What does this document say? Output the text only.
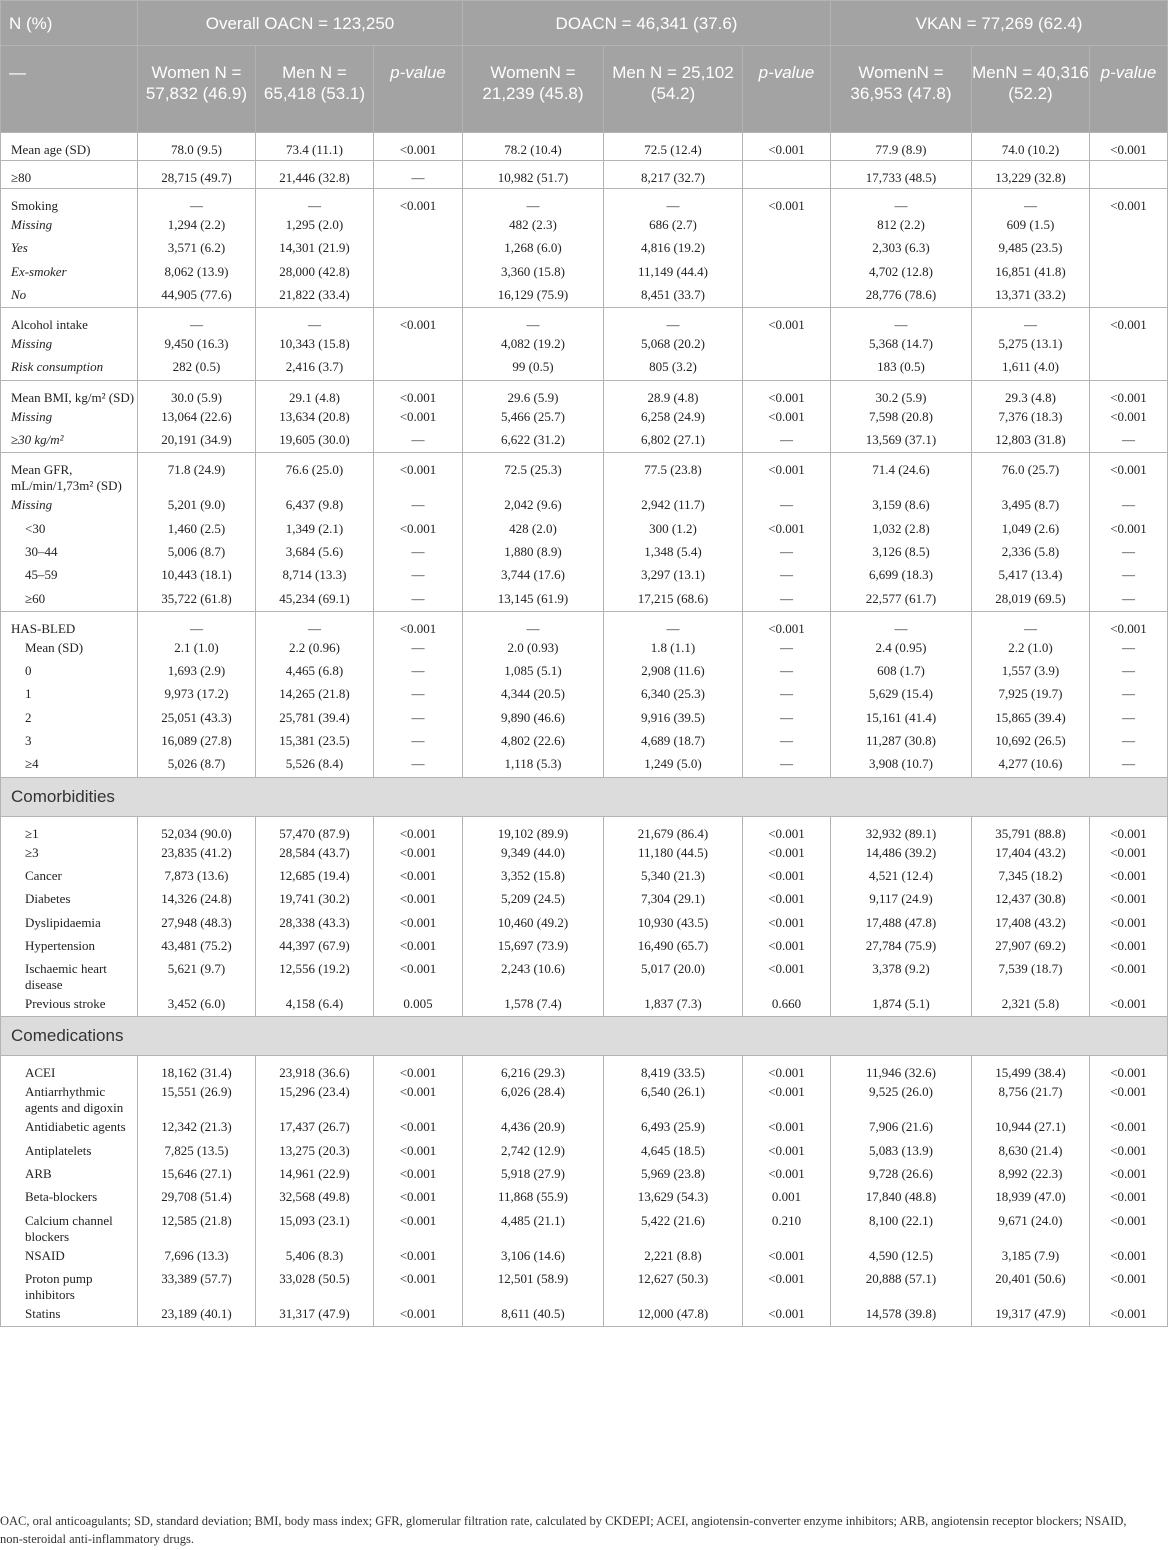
N (%)	Overall OACN = 123,250			DOACN = 46,341 (37.6)			VKAN = 77,269 (62.4)		
—	Women N = 57,832 (46.9)	Men N = 65,418 (53.1)	p-value	WomenN = 21,239 (45.8)	Men N = 25,102 (54.2)	p-value	WomenN = 36,953 (47.8)	MenN = 40,316 (52.2)	p-value

Mean age (SD)	78.0 (9.5)	73.4 (11.1)	<0.001	78.2 (10.4)	72.5 (12.4)	<0.001	77.9 (8.9)	74.0 (10.2)	<0.001

≥80	28,715 (49.7)	21,446 (32.8)	—	10,982 (51.7)	8,217 (32.7)		17,733 (48.5)	13,229 (32.8)	

Smoking	—	—	<0.001	—	—	<0.001	—	—	<0.001

Missing	1,294 (2.2)	1,295 (2.0)		482 (2.3)	686 (2.7)		812 (2.2)	609 (1.5)	

Yes	3,571 (6.2)	14,301 (21.9)		1,268 (6.0)	4,816 (19.2)		2,303 (6.3)	9,485 (23.5)	

Ex-smoker	8,062 (13.9)	28,000 (42.8)		3,360 (15.8)	11,149 (44.4)		4,702 (12.8)	16,851 (41.8)	

No	44,905 (77.6)	21,822 (33.4)		16,129 (75.9)	8,451 (33.7)		28,776 (78.6)	13,371 (33.2)	

Alcohol intake	—	—	<0.001	—	—	<0.001	—	—	<0.001

Missing	9,450 (16.3)	10,343 (15.8)		4,082 (19.2)	5,068 (20.2)		5,368 (14.7)	5,275 (13.1)	

Risk consumption	282 (0.5)	2,416 (3.7)		99 (0.5)	805 (3.2)		183 (0.5)	1,611 (4.0)	

Mean BMI, kg/m² (SD)	30.0 (5.9)	29.1 (4.8)	<0.001	29.6 (5.9)	28.9 (4.8)	<0.001	30.2 (5.9)	29.3 (4.8)	<0.001

Missing	13,064 (22.6)	13,634 (20.8)	<0.001	5,466 (25.7)	6,258 (24.9)	<0.001	7,598 (20.8)	7,376 (18.3)	<0.001

≥30 kg/m²	20,191 (34.9)	19,605 (30.0)	—	6,622 (31.2)	6,802 (27.1)	—	13,569 (37.1)	12,803 (31.8)	—

Mean GFR, mL/min/1,73m² (SD)	71.8 (24.9)	76.6 (25.0)	<0.001	72.5 (25.3)	77.5 (23.8)	<0.001	71.4 (24.6)	76.0 (25.7)	<0.001

Missing	5,201 (9.0)	6,437 (9.8)	—	2,042 (9.6)	2,942 (11.7)	—	3,159 (8.6)	3,495 (8.7)	—

<30	1,460 (2.5)	1,349 (2.1)	<0.001	428 (2.0)	300 (1.2)	<0.001	1,032 (2.8)	1,049 (2.6)	<0.001

30–44	5,006 (8.7)	3,684 (5.6)	—	1,880 (8.9)	1,348 (5.4)	—	3,126 (8.5)	2,336 (5.8)	—

45–59	10,443 (18.1)	8,714 (13.3)	—	3,744 (17.6)	3,297 (13.1)	—	6,699 (18.3)	5,417 (13.4)	—

≥60	35,722 (61.8)	45,234 (69.1)	—	13,145 (61.9)	17,215 (68.6)	—	22,577 (61.7)	28,019 (69.5)	—

HAS-BLED	—	—	<0.001	—	—	<0.001	—	—	<0.001

Mean (SD)	2.1 (1.0)	2.2 (0.96)	—	2.0 (0.93)	1.8 (1.1)	—	2.4 (0.95)	2.2 (1.0)	—

0	1,693 (2.9)	4,465 (6.8)	—	1,085 (5.1)	2,908 (11.6)	—	608 (1.7)	1,557 (3.9)	—

1	9,973 (17.2)	14,265 (21.8)	—	4,344 (20.5)	6,340 (25.3)	—	5,629 (15.4)	7,925 (19.7)	—

2	25,051 (43.3)	25,781 (39.4)	—	9,890 (46.6)	9,916 (39.5)	—	15,161 (41.4)	15,865 (39.4)	—

3	16,089 (27.8)	15,381 (23.5)	—	4,802 (22.6)	4,689 (18.7)	—	11,287 (30.8)	10,692 (26.5)	—

≥4	5,026 (8.7)	5,526 (8.4)	—	1,118 (5.3)	1,249 (5.0)	—	3,908 (10.7)	4,277 (10.6)	—

Comorbidities									

≥1	52,034 (90.0)	57,470 (87.9)	<0.001	19,102 (89.9)	21,679 (86.4)	<0.001	32,932 (89.1)	35,791 (88.8)	<0.001

≥3	23,835 (41.2)	28,584 (43.7)	<0.001	9,349 (44.0)	11,180 (44.5)	<0.001	14,486 (39.2)	17,404 (43.2)	<0.001

Cancer	7,873 (13.6)	12,685 (19.4)	<0.001	3,352 (15.8)	5,340 (21.3)	<0.001	4,521 (12.4)	7,345 (18.2)	<0.001

Diabetes	14,326 (24.8)	19,741 (30.2)	<0.001	5,209 (24.5)	7,304 (29.1)	<0.001	9,117 (24.9)	12,437 (30.8)	<0.001

Dyslipidaemia	27,948 (48.3)	28,338 (43.3)	<0.001	10,460 (49.2)	10,930 (43.5)	<0.001	17,488 (47.8)	17,408 (43.2)	<0.001

Hypertension	43,481 (75.2)	44,397 (67.9)	<0.001	15,697 (73.9)	16,490 (65.7)	<0.001	27,784 (75.9)	27,907 (69.2)	<0.001

Ischaemic heart disease	5,621 (9.7)	12,556 (19.2)	<0.001	2,243 (10.6)	5,017 (20.0)	<0.001	3,378 (9.2)	7,539 (18.7)	<0.001

Previous stroke	3,452 (6.0)	4,158 (6.4)	0.005	1,578 (7.4)	1,837 (7.3)	0.660	1,874 (5.1)	2,321 (5.8)	<0.001

Comedications									

ACEI	18,162 (31.4)	23,918 (36.6)	<0.001	6,216 (29.3)	8,419 (33.5)	<0.001	11,946 (32.6)	15,499 (38.4)	<0.001

Antiarrhythmic agents and digoxin	15,551 (26.9)	15,296 (23.4)	<0.001	6,026 (28.4)	6,540 (26.1)	<0.001	9,525 (26.0)	8,756 (21.7)	<0.001

Antidiabetic agents	12,342 (21.3)	17,437 (26.7)	<0.001	4,436 (20.9)	6,493 (25.9)	<0.001	7,906 (21.6)	10,944 (27.1)	<0.001

Antiplatelets	7,825 (13.5)	13,275 (20.3)	<0.001	2,742 (12.9)	4,645 (18.5)	<0.001	5,083 (13.9)	8,630 (21.4)	<0.001

ARB	15,646 (27.1)	14,961 (22.9)	<0.001	5,918 (27.9)	5,969 (23.8)	<0.001	9,728 (26.6)	8,992 (22.3)	<0.001

Beta-blockers	29,708 (51.4)	32,568 (49.8)	<0.001	11,868 (55.9)	13,629 (54.3)	0.001	17,840 (48.8)	18,939 (47.0)	<0.001

Calcium channel blockers	12,585 (21.8)	15,093 (23.1)	<0.001	4,485 (21.1)	5,422 (21.6)	0.210	8,100 (22.1)	9,671 (24.0)	<0.001

NSAID	7,696 (13.3)	5,406 (8.3)	<0.001	3,106 (14.6)	2,221 (8.8)	<0.001	4,590 (12.5)	3,185 (7.9)	<0.001

Proton pump inhibitors	33,389 (57.7)	33,028 (50.5)	<0.001	12,501 (58.9)	12,627 (50.3)	<0.001	20,888 (57.1)	20,401 (50.6)	<0.001

Statins	23,189 (40.1)	31,317 (47.9)	<0.001	8,611 (40.5)	12,000 (47.8)	<0.001	14,578 (39.8)	19,317 (47.9)	<0.001
OAC, oral anticoagulants; SD, standard deviation; BMI, body mass index; GFR, glomerular filtration rate, calculated by CKDEPI; ACEI, angiotensin-converter enzyme inhibitors; ARB, angiotensin receptor blockers; NSAID, non-steroidal anti-inflammatory drugs.
